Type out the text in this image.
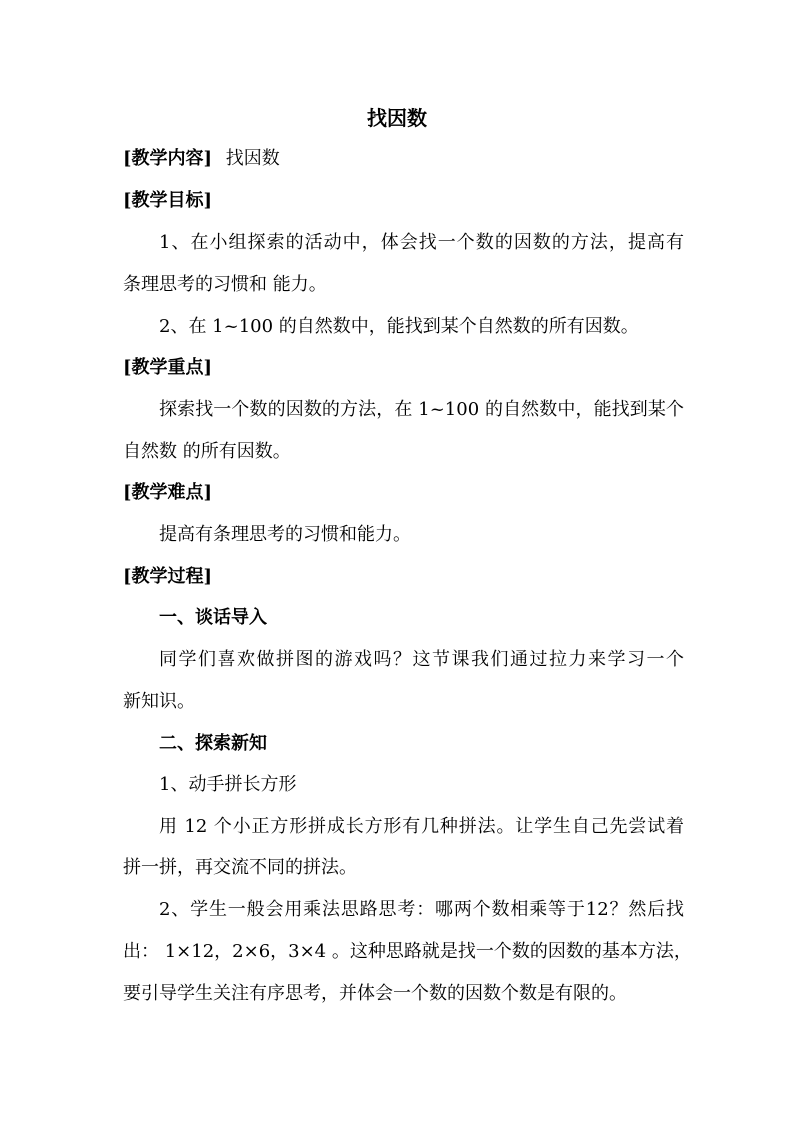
找因数
[教学内容] 找因数
[教学目标]
1、在小组探索的活动中，体会找一个数的因数的方法，提高有
条理思考的习惯和 能力。
2、在 1~100 的自然数中，能找到某个自然数的所有因数。
[教学重点]
探索找一个数的因数的方法，在 1~100 的自然数中，能找到某个
自然数 的所有因数。
[教学难点]
提高有条理思考的习惯和能力。
[教学过程]
一、谈话导入
同学们喜欢做拼图的游戏吗？这节课我们通过拉力来学习一个
新知识。
二、探索新知
1、动手拼长方形
用 12 个小正方形拼成长方形有几种拼法。让学生自己先尝试着
拼一拼，再交流不同的拼法。
2、学生一般会用乘法思路思考：哪两个数相乘等于12？然后找
出： 1×12，2×6，3×4 。这种思路就是找一个数的因数的基本方法，
要引导学生关注有序思考，并体会一个数的因数个数是有限的。
